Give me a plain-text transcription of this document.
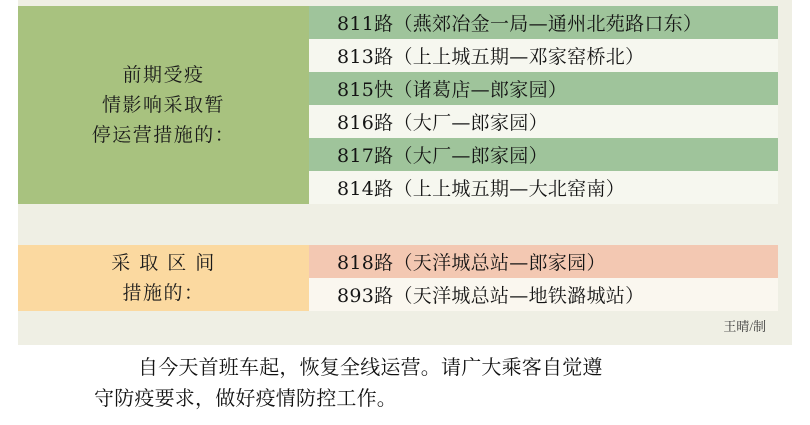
前期受疫
情影响采取暂
停运营措施的：
811路（燕郊冶金一局—通州北苑路口东）
813路（上上城五期—邓家窑桥北）
815快（诸葛店—郎家园）
816路（大厂—郎家园）
817路（大厂—郎家园）
814路（上上城五期—大北窑南）
采 取 区 间
措施的：
818路（天洋城总站—郎家园）
893路（天洋城总站—地铁潞城站）
王晴/制
自今天首班车起，恢复全线运营。请广大乘客自觉遵
守防疫要求，做好疫情防控工作。
